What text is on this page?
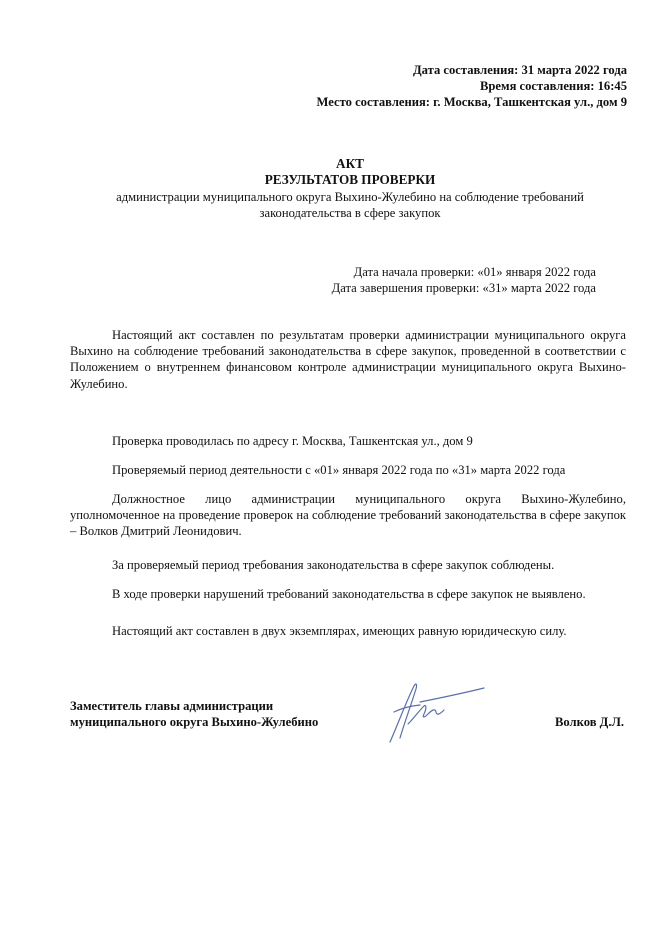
Дата составления: 31 марта 2022 года
Время составления: 16:45
Место составления: г. Москва, Ташкентская ул., дом 9
АКТ
РЕЗУЛЬТАТОВ ПРОВЕРКИ
администрации муниципального округа Выхино-Жулебино на соблюдение требований
законодательства в сфере закупок
Дата начала проверки: «01» января 2022 года
Дата завершения проверки: «31» марта 2022 года
Настоящий акт составлен по результатам проверки администрации муниципального округа Выхино на соблюдение требований законодательства в сфере закупок, проведенной в соответствии с Положением о внутреннем финансовом контроле администрации муниципального округа Выхино-Жулебино.
Проверка проводилась по адресу г. Москва, Ташкентская ул., дом 9
Проверяемый период деятельности с «01» января 2022 года по «31» марта 2022 года
Должностное лицо администрации муниципального округа Выхино-Жулебино, уполномоченное на проведение проверок на соблюдение требований законодательства в сфере закупок – Волков Дмитрий Леонидович.
За проверяемый период требования законодательства в сфере закупок соблюдены.
В ходе проверки нарушений требований законодательства в сфере закупок не выявлено.
Настоящий акт составлен в двух экземплярах, имеющих равную юридическую силу.
Заместитель главы администрации
муниципального округа Выхино-Жулебино	Волков Д.Л.
